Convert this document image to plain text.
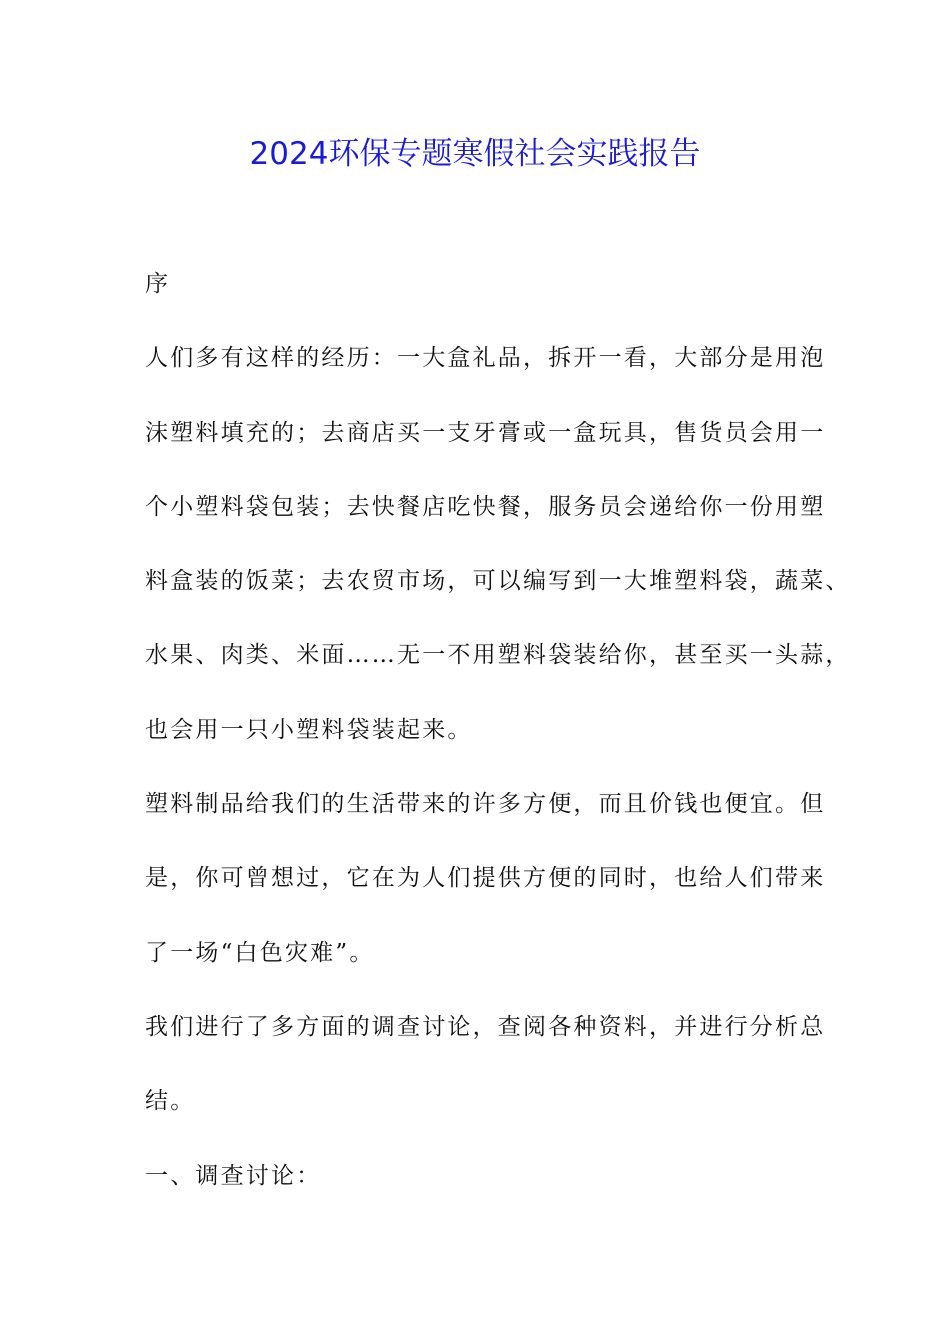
2024环保专题寒假社会实践报告
序
人们多有这样的经历：一大盒礼品，拆开一看，大部分是用泡
沫塑料填充的；去商店买一支牙膏或一盒玩具，售货员会用一
个小塑料袋包装；去快餐店吃快餐，服务员会递给你一份用塑
料盒装的饭菜；去农贸市场，可以编写到一大堆塑料袋，蔬菜、
水果、肉类、米面……无一不用塑料袋装给你，甚至买一头蒜，
也会用一只小塑料袋装起来。
塑料制品给我们的生活带来的许多方便，而且价钱也便宜。但
是，你可曾想过，它在为人们提供方便的同时，也给人们带来
了一场“白色灾难”。
我们进行了多方面的调查讨论，查阅各种资料，并进行分析总
结。
一、调查讨论：
